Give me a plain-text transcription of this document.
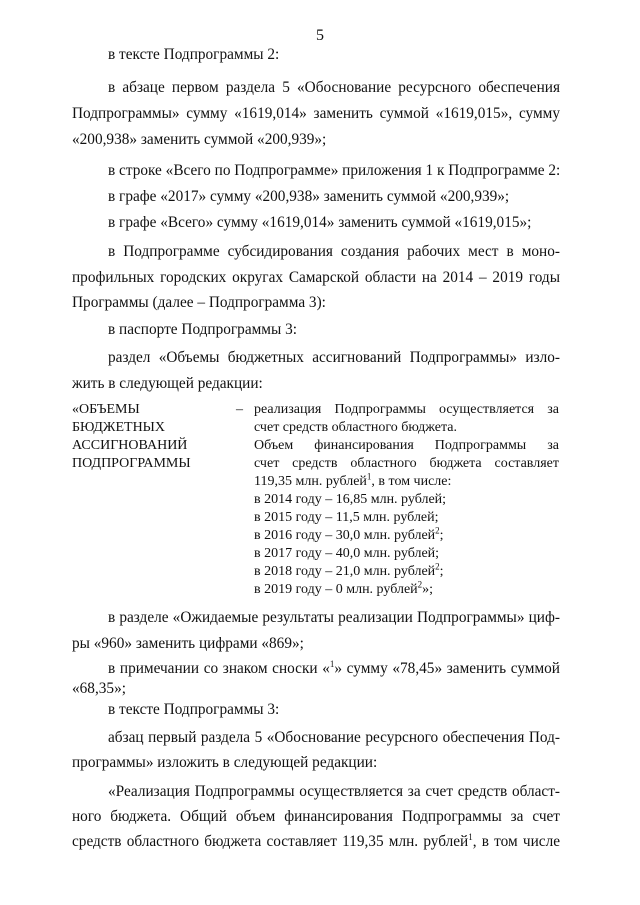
5
в тексте Подпрограммы 2:
в абзаце первом раздела 5 «Обоснование ресурсного обеспечения
Подпрограммы» сумму «1619,014» заменить суммой «1619,015», сумму
«200,938» заменить суммой «200,939»;
в строке «Всего по Подпрограмме» приложения 1 к Подпрограмме 2:
в графе «2017» сумму «200,938» заменить суммой «200,939»;
в графе «Всего» сумму «1619,014» заменить суммой «1619,015»;
в Подпрограмме субсидирования создания рабочих мест в моно-
профильных городских округах Самарской области на 2014 – 2019 годы
Программы (далее – Подпрограмма 3):
в паспорте Подпрограммы 3:
раздел «Объемы бюджетных ассигнований Подпрограммы» изло-
жить в следующей редакции:
«ОБЪЕМЫ
БЮДЖЕТНЫХ
АССИГНОВАНИЙ
ПОДПРОГРАММЫ
– реализация Подпрограммы осуществляется за
счет средств областного бюджета.
Объем финансирования Подпрограммы за
счет средств областного бюджета составляет
119,35 млн. рублей$^1$, в том числе:
в 2014 году – 16,85 млн. рублей;
в 2015 году – 11,5 млн. рублей;
в 2016 году – 30,0 млн. рублей$^2$;
в 2017 году – 40,0 млн. рублей;
в 2018 году – 21,0 млн. рублей$^2$;
в 2019 году – 0 млн. рублей$^2$»;
в разделе «Ожидаемые результаты реализации Подпрограммы» циф-
ры «960» заменить цифрами «869»;
в примечании со знаком сноски «$^1$» сумму «78,45» заменить суммой
«68,35»;
в тексте Подпрограммы 3:
абзац первый раздела 5 «Обоснование ресурсного обеспечения Под-
программы» изложить в следующей редакции:
«Реализация Подпрограммы осуществляется за счет средств област-
ного бюджета. Общий объем финансирования Подпрограммы за счет
средств областного бюджета составляет 119,35 млн. рублей$^1$, в том числе
